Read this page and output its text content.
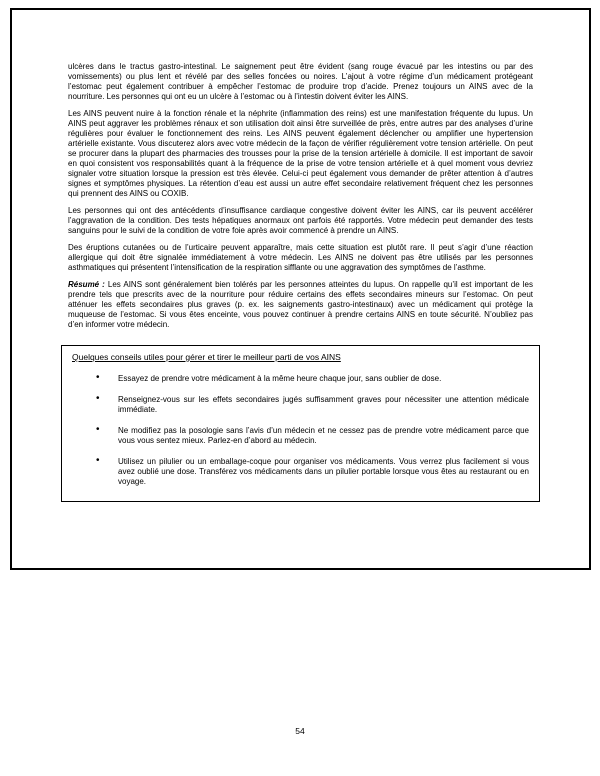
ulcères dans le tractus gastro-intestinal. Le saignement peut être évident (sang rouge évacué par les intestins ou par des vomissements) ou plus lent et révélé par des selles foncées ou noires. L’ajout à votre régime d’un médicament protégeant l’estomac peut également contribuer à empêcher l’estomac de produire trop d’acide. Prenez toujours un AINS avec de la nourriture. Les personnes qui ont eu un ulcère à l’estomac ou à l’intestin doivent éviter les AINS.

Les AINS peuvent nuire à la fonction rénale et la néphrite (inflammation des reins) est une manifestation fréquente du lupus. Un AINS peut aggraver les problèmes rénaux et son utilisation doit ainsi être surveillée de près, entre autres par des analyses d’urine régulières pour évaluer le fonctionnement des reins. Les AINS peuvent également déclencher ou amplifier une hypertension artérielle existante. Vous discuterez alors avec votre médecin de la façon de vérifier régulièrement votre tension artérielle. On peut se procurer dans la plupart des pharmacies des trousses pour la prise de la tension artérielle à domicile. Il est important de savoir en quoi consistent vos responsabilités quant à la fréquence de la prise de votre tension artérielle et à quel moment vous devriez signaler votre situation lorsque la pression est très élevée. Celui-ci peut également vous demander de prêter attention à d’autres signes et symptômes physiques. La rétention d’eau est aussi un autre effet secondaire relativement fréquent chez les personnes qui prennent des AINS ou COXIB.

Les personnes qui ont des antécédents d’insuffisance cardiaque congestive doivent éviter les AINS, car ils peuvent accélérer l’aggravation de la condition. Des tests hépatiques anormaux ont parfois été rapportés. Votre médecin peut demander des tests sanguins pour le suivi de la condition de votre foie après avoir commencé à prendre un AINS.

Des éruptions cutanées ou de l’urticaire peuvent apparaître, mais cette situation est plutôt rare. Il peut s’agir d’une réaction allergique qui doit être signalée immédiatement à votre médecin. Les AINS ne doivent pas être utilisés par les personnes asthmatiques qui présentent l’intensification de la respiration sifflante ou une aggravation des symptômes de l’asthme.

Résumé : Les AINS sont généralement bien tolérés par les personnes atteintes du lupus. On rappelle qu’il est important de les prendre tels que prescrits avec de la nourriture pour réduire certains des effets secondaires mineurs sur l’estomac. On peut atténuer les effets secondaires plus graves (p. ex. les saignements gastro-intestinaux) avec un médicament qui protège la muqueuse de l’estomac. Si vous êtes enceinte, vous pouvez continuer à prendre certains AINS en toute sécurité. N’oubliez pas d’en informer votre médecin.

Quelques conseils utiles pour gérer et tirer le meilleur parti de vos AINS

• Essayez de prendre votre médicament à la même heure chaque jour, sans oublier de dose.
• Renseignez-vous sur les effets secondaires jugés suffisamment graves pour nécessiter une attention médicale immédiate.
• Ne modifiez pas la posologie sans l’avis d’un médecin et ne cessez pas de prendre votre médicament parce que vous vous sentez mieux. Parlez-en d’abord au médecin.
• Utilisez un pilulier ou un emballage-coque pour organiser vos médicaments. Vous verrez plus facilement si vous avez oublié une dose. Transférez vos médicaments dans un pilulier portable lorsque vous êtes au restaurant ou en voyage.
54
